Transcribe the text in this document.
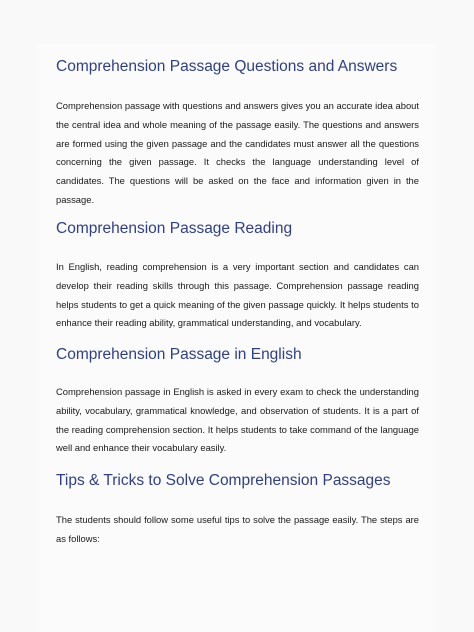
Comprehension Passage Questions and Answers

Comprehension passage with questions and answers gives you an accurate idea about the central idea and whole meaning of the passage easily. The questions and answers are formed using the given passage and the candidates must answer all the questions concerning the given passage. It checks the language understanding level of candidates. The questions will be asked on the face and information given in the passage.

Comprehension Passage Reading

In English, reading comprehension is a very important section and candidates can develop their reading skills through this passage. Comprehension passage reading helps students to get a quick meaning of the given passage quickly. It helps students to enhance their reading ability, grammatical understanding, and vocabulary.

Comprehension Passage in English

Comprehension passage in English is asked in every exam to check the understanding ability, vocabulary, grammatical knowledge, and observation of students. It is a part of the reading comprehension section. It helps students to take command of the language well and enhance their vocabulary easily.

Tips & Tricks to Solve Comprehension Passages

The students should follow some useful tips to solve the passage easily. The steps are as follows:
